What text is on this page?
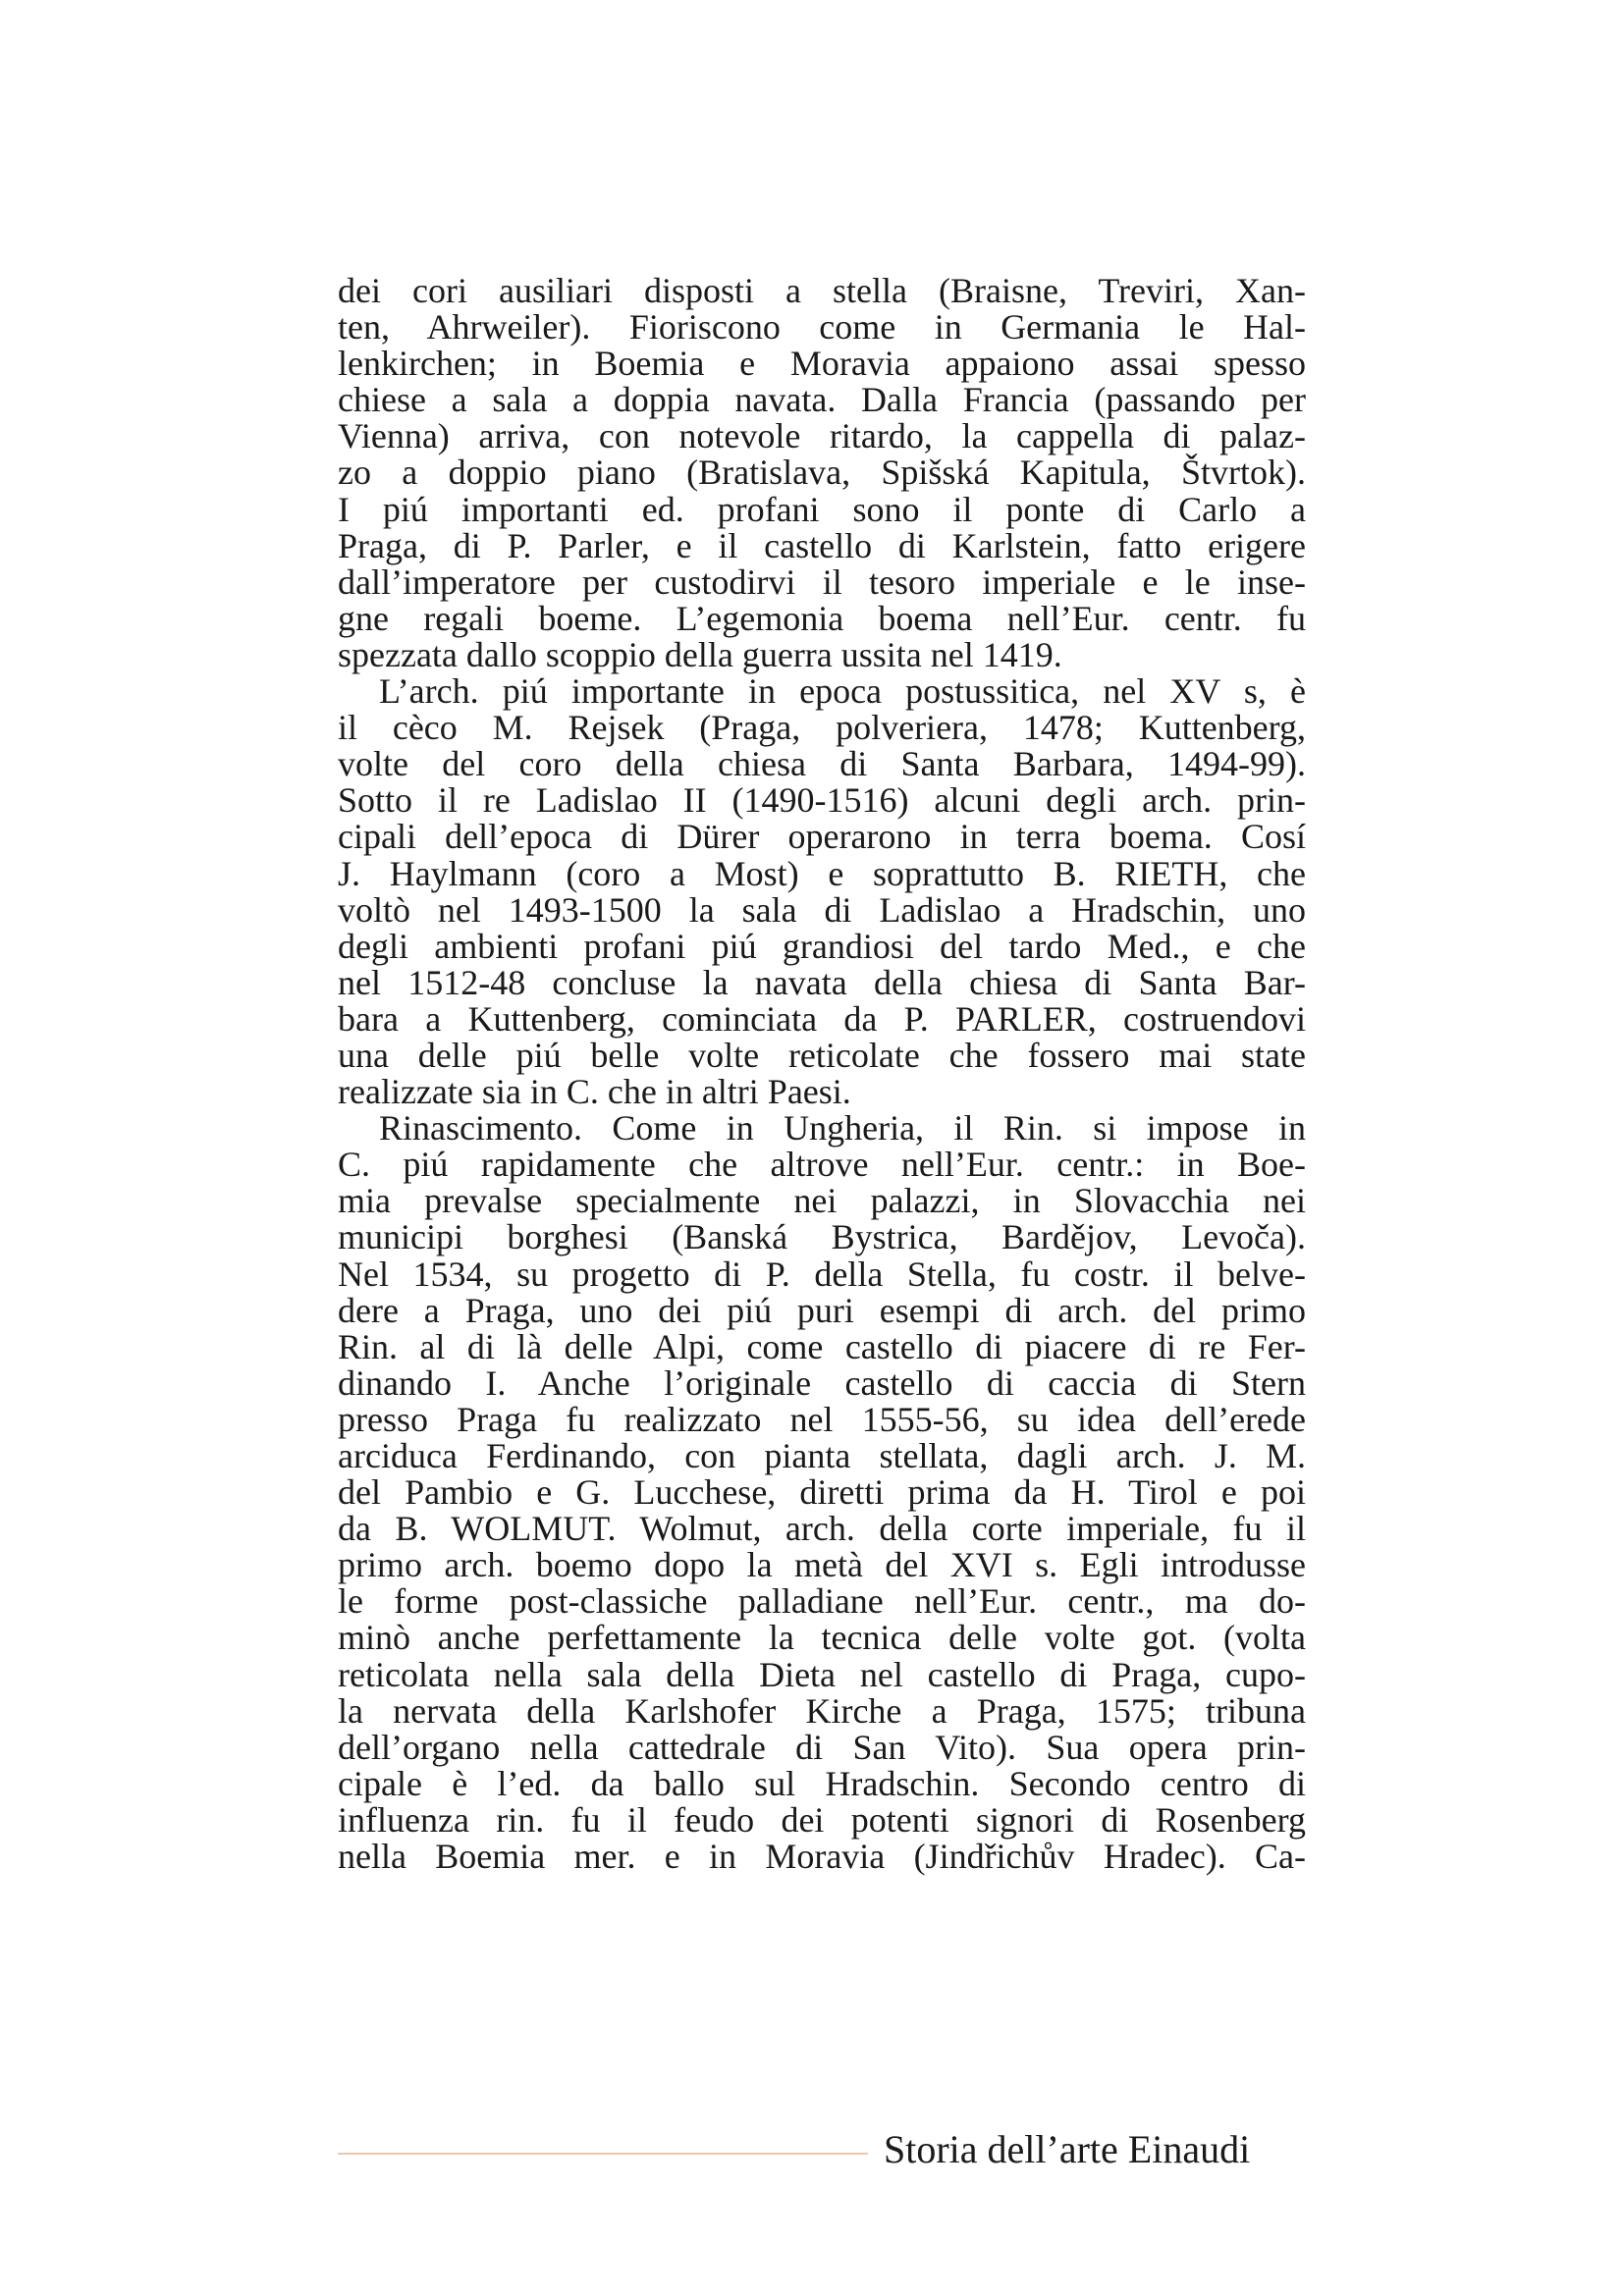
dei cori ausiliari disposti a stella (Braisne, Treviri, Xan-
ten, Ahrweiler). Fioriscono come in Germania le Hal-
lenkirchen; in Boemia e Moravia appaiono assai spesso
chiese a sala a doppia navata. Dalla Francia (passando per
Vienna) arriva, con notevole ritardo, la cappella di palaz-
zo a doppio piano (Bratislava, Spišská Kapitula, Štvrtok).
I piú importanti ed. profani sono il ponte di Carlo a
Praga, di P. Parler, e il castello di Karlstein, fatto erigere
dall’imperatore per custodirvi il tesoro imperiale e le inse-
gne regali boeme. L’egemonia boema nell’Eur. centr. fu
spezzata dallo scoppio della guerra ussita nel 1419.
L’arch. piú importante in epoca postussitica, nel XV s, è
il cèco M. Rejsek (Praga, polveriera, 1478; Kuttenberg,
volte del coro della chiesa di Santa Barbara, 1494-99).
Sotto il re Ladislao II (1490-1516) alcuni degli arch. prin-
cipali dell’epoca di Dürer operarono in terra boema. Cosí
J. Haylmann (coro a Most) e soprattutto B. RIETH, che
voltò nel 1493-1500 la sala di Ladislao a Hradschin, uno
degli ambienti profani piú grandiosi del tardo Med., e che
nel 1512-48 concluse la navata della chiesa di Santa Bar-
bara a Kuttenberg, cominciata da P. PARLER, costruendovi
una delle piú belle volte reticolate che fossero mai state
realizzate sia in C. che in altri Paesi.
Rinascimento. Come in Ungheria, il Rin. si impose in
C. piú rapidamente che altrove nell’Eur. centr.: in Boe-
mia prevalse specialmente nei palazzi, in Slovacchia nei
municipi borghesi (Banská Bystrica, Bardějov, Levoča).
Nel 1534, su progetto di P. della Stella, fu costr. il belve-
dere a Praga, uno dei piú puri esempi di arch. del primo
Rin. al di là delle Alpi, come castello di piacere di re Fer-
dinando I. Anche l’originale castello di caccia di Stern
presso Praga fu realizzato nel 1555-56, su idea dell’erede
arciduca Ferdinando, con pianta stellata, dagli arch. J. M.
del Pambio e G. Lucchese, diretti prima da H. Tirol e poi
da B. WOLMUT. Wolmut, arch. della corte imperiale, fu il
primo arch. boemo dopo la metà del XVI s. Egli introdusse
le forme post-classiche palladiane nell’Eur. centr., ma do-
minò anche perfettamente la tecnica delle volte got. (volta
reticolata nella sala della Dieta nel castello di Praga, cupo-
la nervata della Karlshofer Kirche a Praga, 1575; tribuna
dell’organo nella cattedrale di San Vito). Sua opera prin-
cipale è l’ed. da ballo sul Hradschin. Secondo centro di
influenza rin. fu il feudo dei potenti signori di Rosenberg
nella Boemia mer. e in Moravia (Jindřichův Hradec). Ca-
Storia dell’arte Einaudi
